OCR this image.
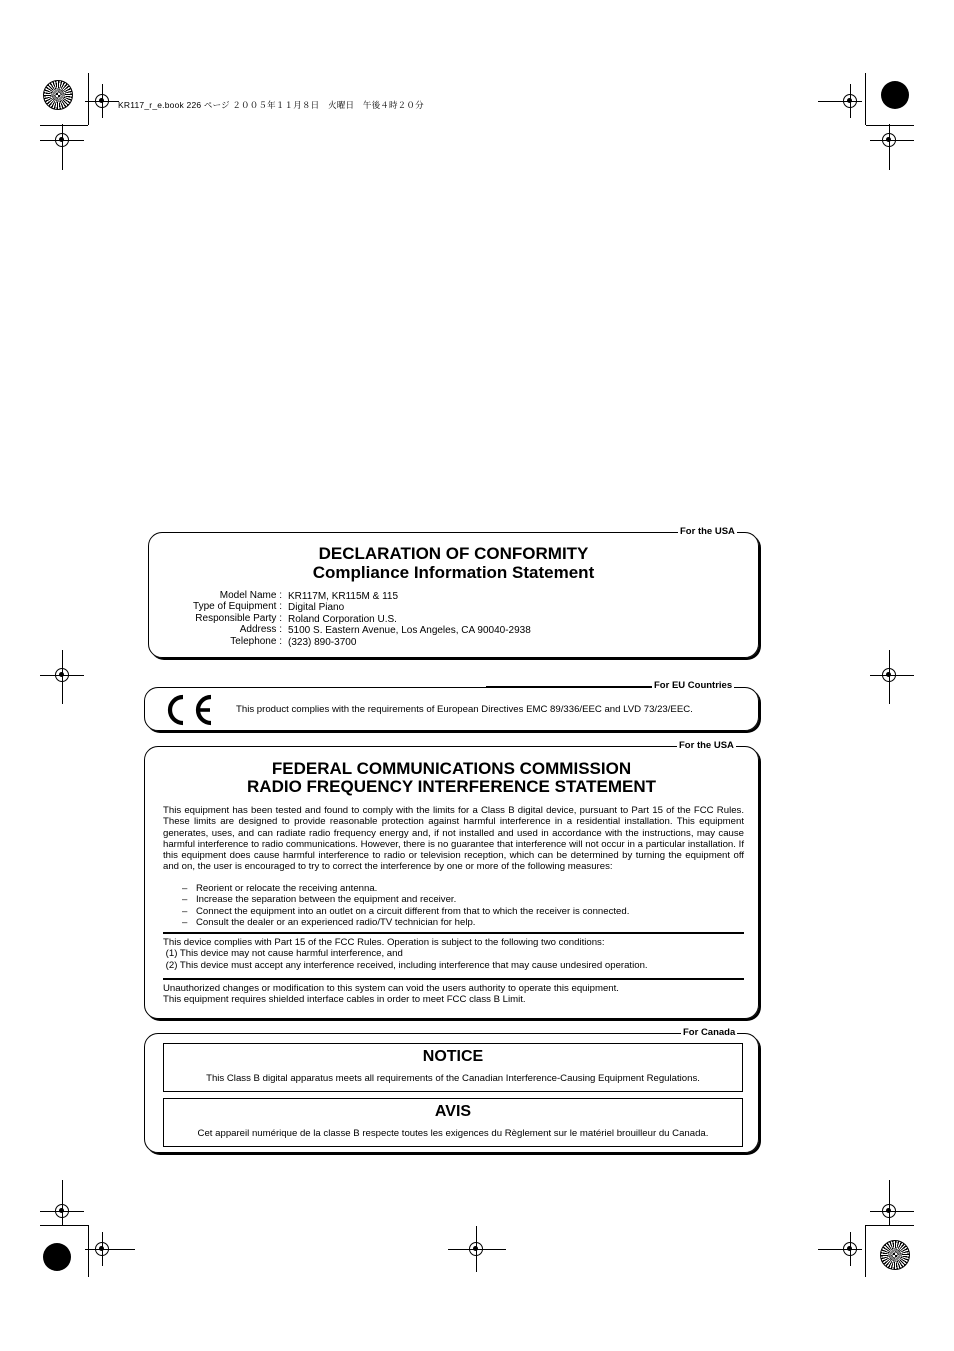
KR117_r_e.book 226 ページ ２００５年１１月８日　火曜日　午後４時２０分
DECLARATION OF CONFORMITY
Compliance Information Statement
Model Name :
Type of Equipment :
Responsible Party :
Address :
Telephone :
KR117M, KR115M & 115
Digital Piano
Roland Corporation U.S.
5100 S. Eastern Avenue, Los Angeles, CA 90040-2938
(323) 890-3700
For the USA
This product complies with the requirements of European Directives EMC 89/336/EEC and LVD 73/23/EEC.
For EU Countries
FEDERAL COMMUNICATIONS COMMISSION
RADIO FREQUENCY INTERFERENCE STATEMENT
This equipment has been tested and found to comply with the limits for a Class B digital device, pursuant to Part 15 of the FCC Rules. These limits are designed to provide reasonable protection against harmful interference in a residential installation. This equipment generates, uses, and can radiate radio frequency energy and, if not installed and used in accordance with the instructions, may cause harmful interference to radio communications. However, there is no guarantee that interference will not occur in a particular installation. If this equipment does cause harmful interference to radio or television reception, which can be determined by turning the equipment off and on, the user is encouraged to try to correct the interference by one or more of the following measures:
– Reorient or relocate the receiving antenna.
– Increase the separation between the equipment and receiver.
– Connect the equipment into an outlet on a circuit different from that to which the receiver is connected.
– Consult the dealer or an experienced radio/TV technician for help.
This device complies with Part 15 of the FCC Rules. Operation is subject to the following two conditions:
(1) This device may not cause harmful interference, and
(2) This device must accept any interference received, including interference that may cause undesired operation.
Unauthorized changes or modification to this system can void the users authority to operate this equipment.
This equipment requires shielded interface cables in order to meet FCC class B Limit.
For the USA
NOTICE
This Class B digital apparatus meets all requirements of the Canadian Interference-Causing Equipment Regulations.
AVIS
Cet appareil numérique de la classe B respecte toutes les exigences du Règlement sur le matériel brouilleur du Canada.
For Canada
